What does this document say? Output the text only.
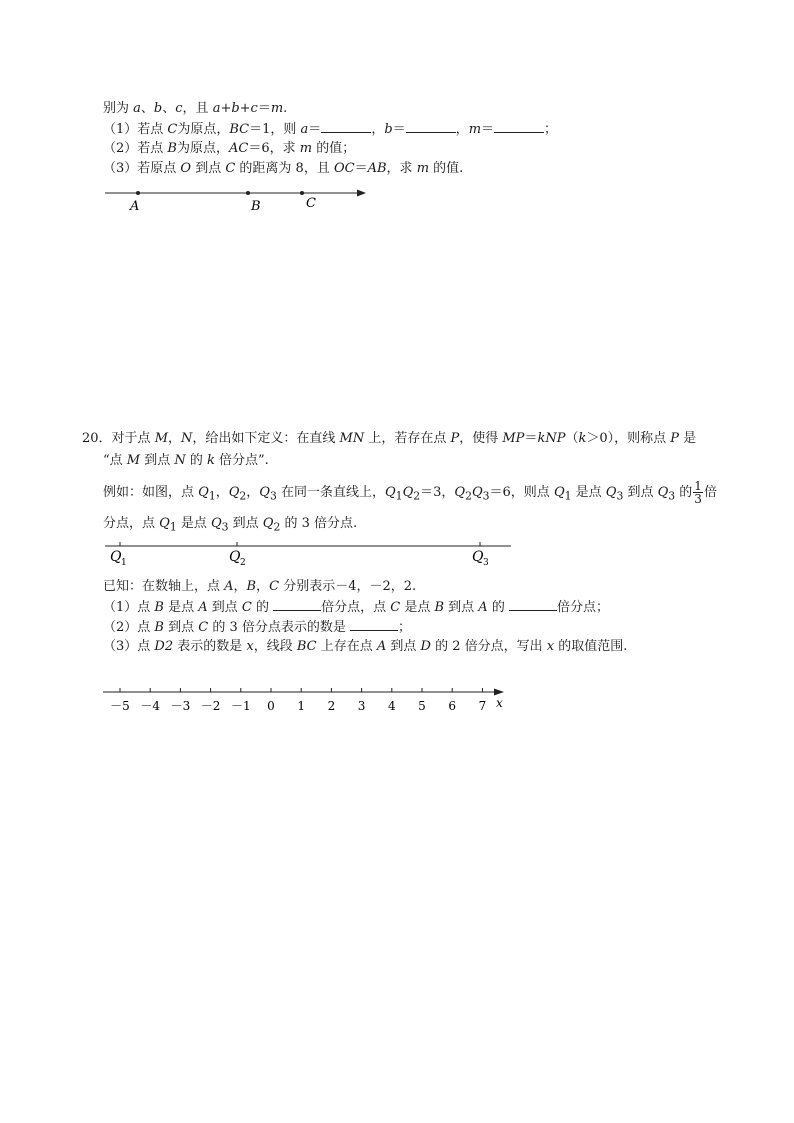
别为 a、b、c，且 a+b+c＝m.
（1）若点 C为原点，BC＝1，则 a＝	，b＝	，m＝	；
（2）若点 B为原点，AC＝6，求 m 的值；
（3）若原点 O 到点 C 的距离为 8，且 OC＝AB，求 m 的值.
A	B	C
20．对于点 M，N，给出如下定义：在直线 MN 上，若存在点 P，使得 MP＝kNP（k＞0），则称点 P 是
“点 M 到点 N 的 k 倍分点”.
例如：如图，点 $Q_1$，$Q_2$，$Q_3$ 在同一条直线上，$Q_1Q_2=3$，$Q_2Q_3=6$，则点 $Q_1$ 是点 $Q_3$ 到点 $Q_3$ 的 $\frac{1}{3}$ 倍
分点，点 $Q_1$ 是点 $Q_3$ 到点 $Q_2$ 的 3 倍分点.
Q 1	Q 2	Q 3
已知：在数轴上，点 A，B，C 分别表示－4，－2，2.
（1）点 B 是点 A 到点 C 的	倍分点，点 C 是点 B 到点 A 的	倍分点；
（2）点 B 到点 C 的 3 倍分点表示的数是	；
（3）点 D2 表示的数是 x，线段 BC 上存在点 A 到点 D 的 2 倍分点，写出 x 的取值范围.
x
－5 －4 －3 －2 －1 0 1 2 3 4 5 6 7
